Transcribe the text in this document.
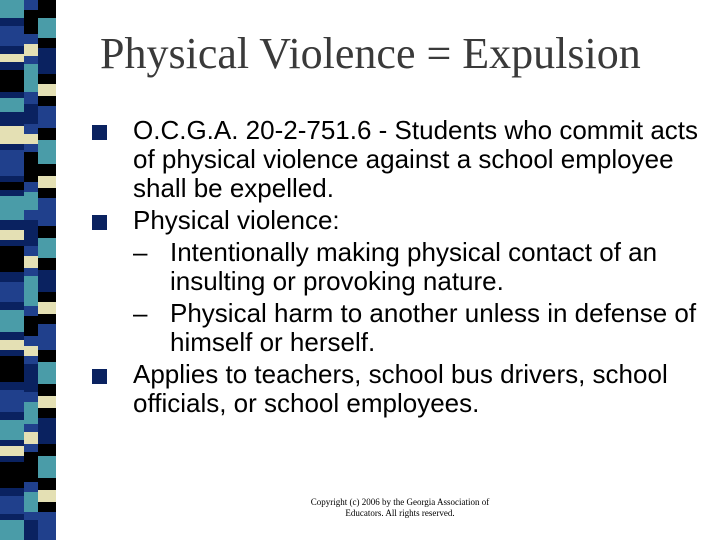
Physical Violence = Expulsion
O.C.G.A. 20-2-751.6 - Students who commit acts of physical violence against a school employee shall be expelled.
Physical violence:
– Intentionally making physical contact of an insulting or provoking nature.
– Physical harm to another unless in defense of himself or herself.
Applies to teachers, school bus drivers, school officials, or school employees.
Copyright (c) 2006 by the Georgia Association of
Educators. All rights reserved.
